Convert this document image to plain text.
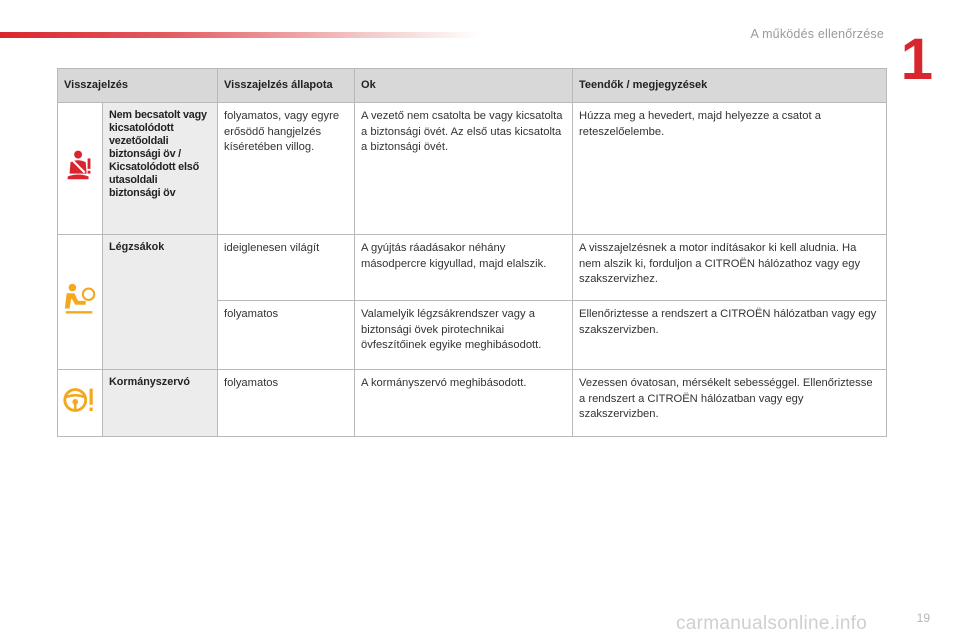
A működés ellenőrzése 1
Visszajelzés		Visszajelzés állapota	Ok	Teendők / megjegyzések
	Nem becsatolt vagy kicsatolódott vezetőoldali biztonsági öv / Kicsatolódott első utasoldali biztonsági öv	folyamatos, vagy egyre erősödő hangjelzés kíséretében villog.	A vezető nem csatolta be vagy kicsatolta a biztonsági övét. Az első utas kicsatolta a biztonsági övét.	Húzza meg a hevedert, majd helyezze a csatot a reteszelőelembe.
	Légzsákok	ideiglenesen világít	A gyújtás ráadásakor néhány másodpercre kigyullad, majd elalszik.	A visszajelzésnek a motor indításakor ki kell aludnia. Ha nem alszik ki, forduljon a CITROËN hálózathoz vagy egy szakszervizhez.
		folyamatos	Valamelyik légzsákrendszer vagy a biztonsági övek pirotechnikai övfeszítőinek egyike meghibásodott.	Ellenőriztesse a rendszert a CITROËN hálózatban vagy egy szakszervizben.
	Kormányszervó	folyamatos	A kormányszervó meghibásodott.	Vezessen óvatosan, mérsékelt sebességgel. Ellenőriztesse a rendszert a CITROËN hálózatban vagy egy szakszervizben.
19
carmanualsonline.info
